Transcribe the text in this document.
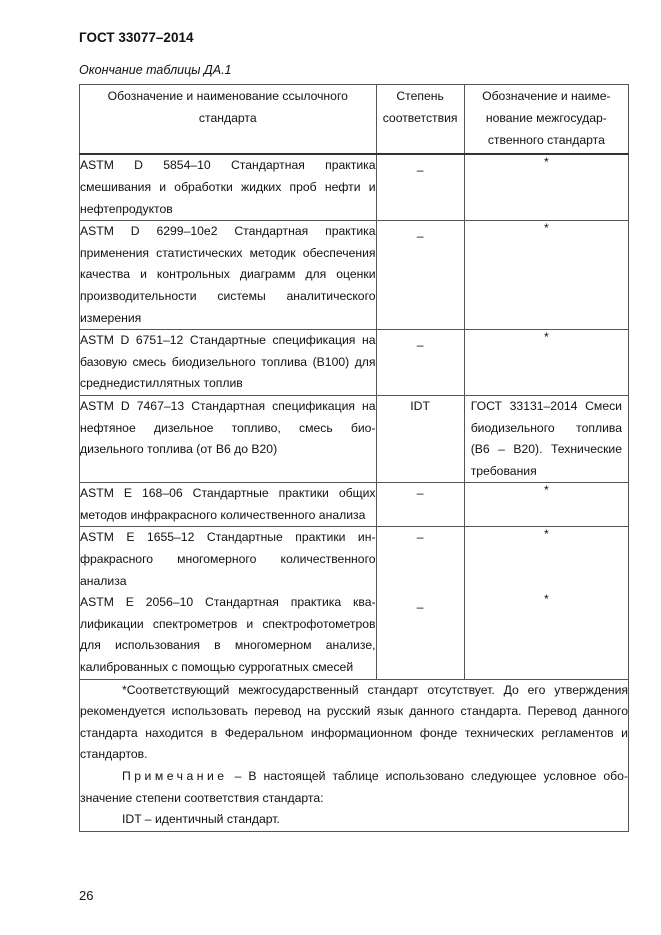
ГОСТ 33077–2014
Окончание таблицы ДА.1
Обозначение и наименование ссылочного стандарта	Степень соответствия	Обозначение и наименование межгосударственного стандарта
ASTM D 5854–10 Стандартная практика смешивания и обработки жидких проб нефти и нефтепродуктов	–	*

ASTM D 6299–10e2 Стандартная практика применения статистических методик обеспечения качества и контрольных диаграмм для оценки производительности системы аналитического измерения	–	*

ASTM D 6751–12 Стандартные спецификация на базовую смесь биодизельного топлива (В100) для среднедистиллятных топлив	–	*

ASTM D 7467–13 Стандартная спецификация на нефтяное дизельное топливо, смесь биодизельного топлива (от В6 до В20)	IDT	ГОСТ 33131–2014 Смеси биодизельного топлива (В6 – В20). Технические требования

ASTM E 168–06 Стандартные практики общих методов инфракрасного количественного анализа	–	*

ASTM E 1655–12 Стандартные практики инфракрасного многомерного количественного анализа	–	*

ASTM E 2056–10 Стандартная практика квалификации спектрометров и спектрофотометров для использования в многомерном анализе, калиброванных с помощью суррогатных смесей	–	*

*Соответствующий межгосударственный стандарт отсутствует. До его утверждения рекомендуется использовать перевод на русский язык данного стандарта. Перевод данного стандарта находится в Федеральном информационном фонде технических регламентов и стандартов.
Примечание – В настоящей таблице использовано следующее условное обозначение степени соответствия стандарта:
IDT – идентичный стандарт.		
26
